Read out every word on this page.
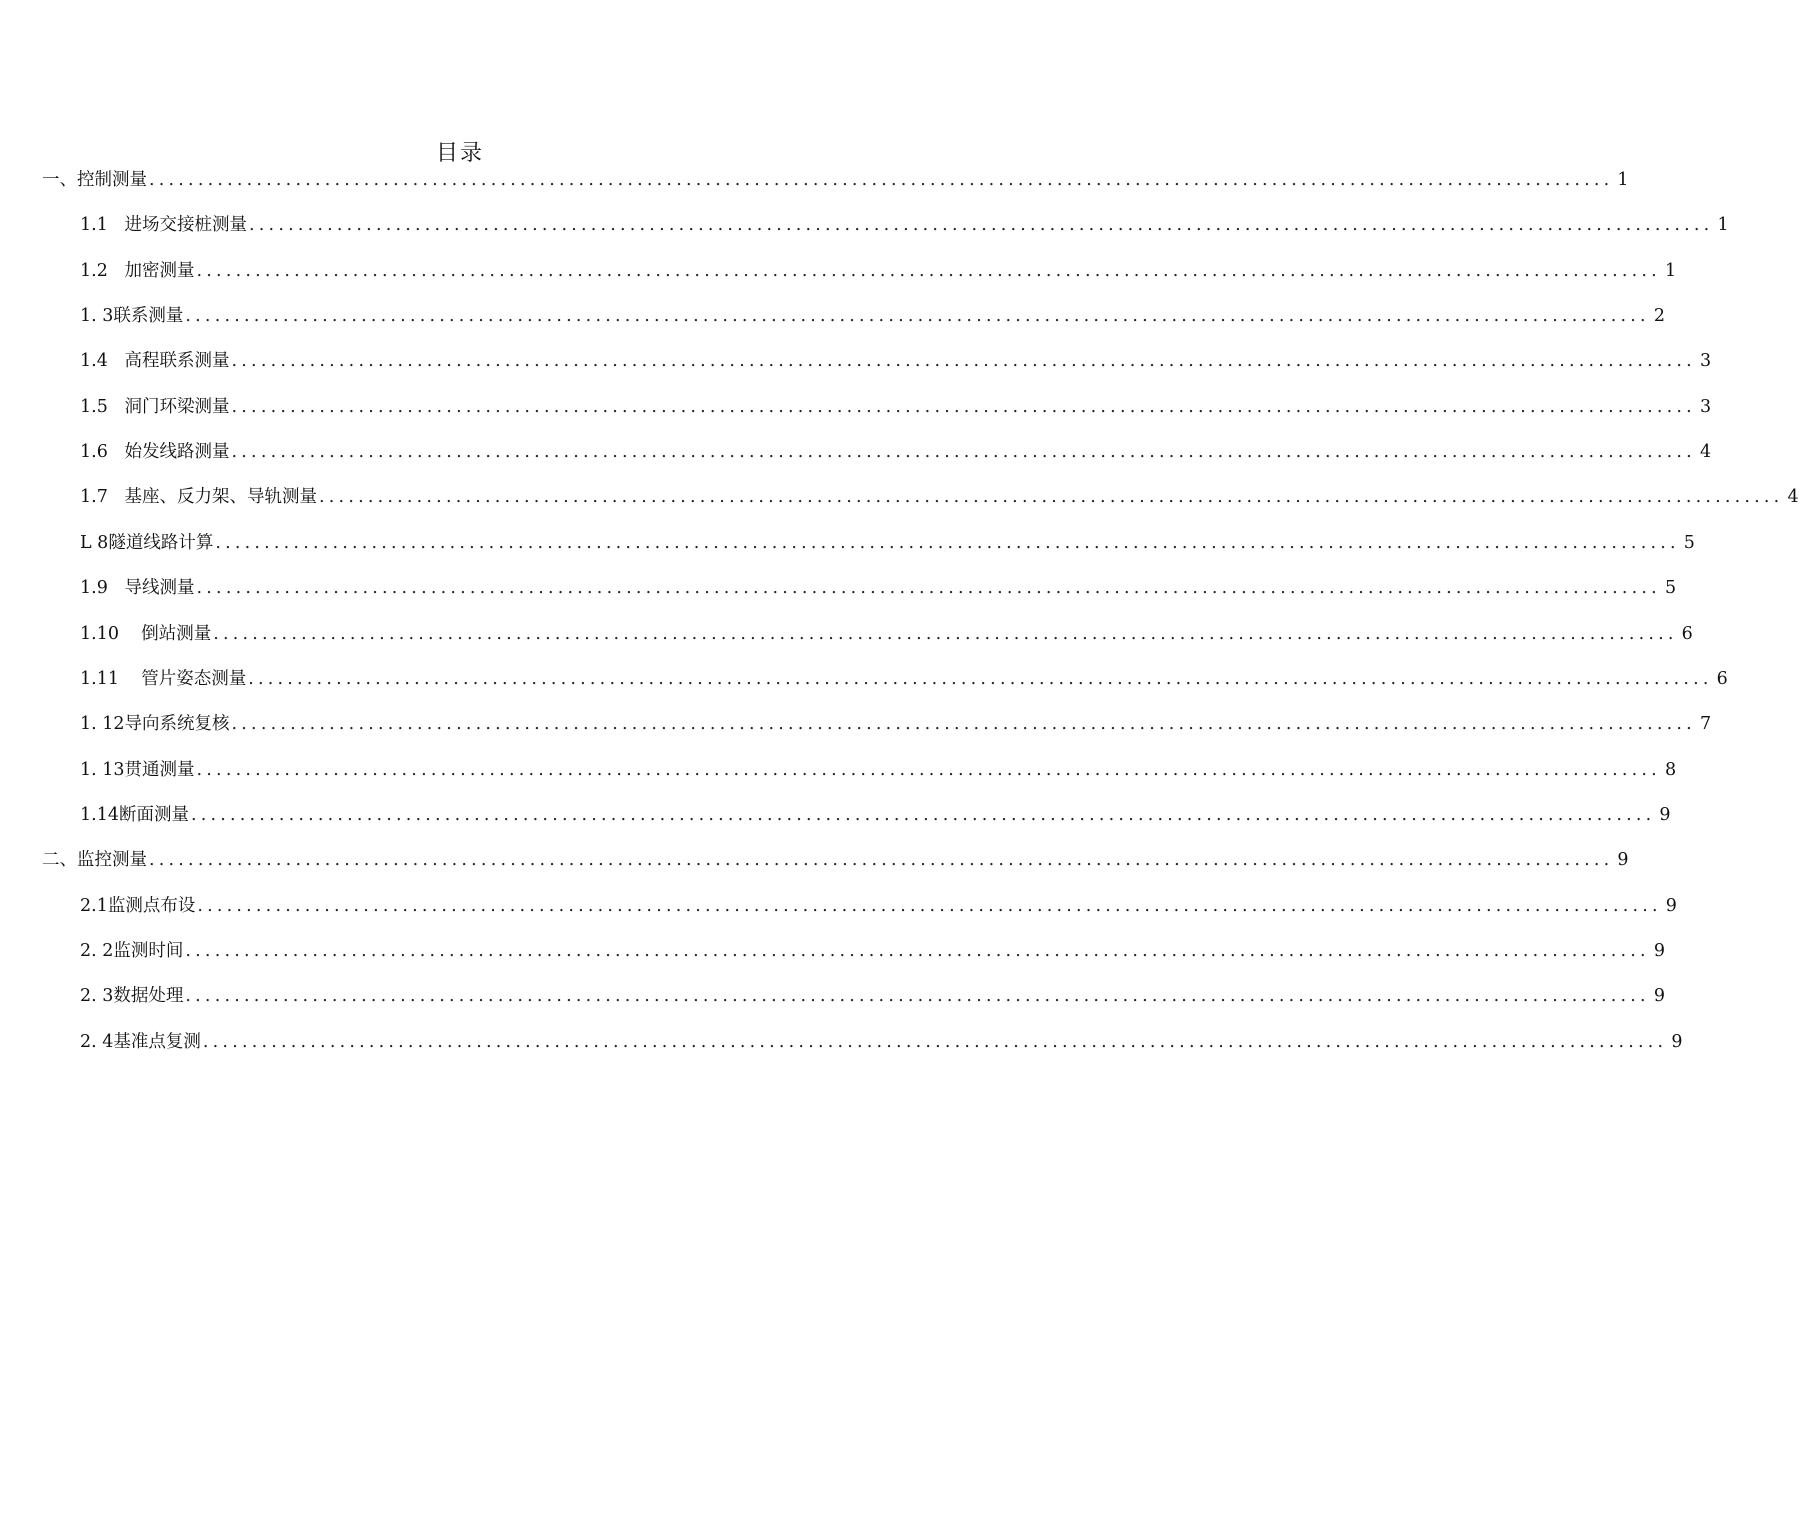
目录
一、控制测量 ...................................................................................................................................................... 1
1.1   进场交接桩测量 ...................................................................................................................................................... 1
1.2   加密测量 ...................................................................................................................................................... 1
1. 3联系测量 ...................................................................................................................................................... 2
1.4   高程联系测量 ...................................................................................................................................................... 3
1.5   洞门环梁测量 ...................................................................................................................................................... 3
1.6   始发线路测量 ...................................................................................................................................................... 4
1.7   基座、反力架、导轨测量 ...................................................................................................................................................... 4
L 8隧道线路计算 ...................................................................................................................................................... 5
1.9   导线测量 ...................................................................................................................................................... 5
1.10    倒站测量 ...................................................................................................................................................... 6
1.11    管片姿态测量 ...................................................................................................................................................... 6
1. 12导向系统复核 ...................................................................................................................................................... 7
1. 13贯通测量 ...................................................................................................................................................... 8
1.14断面测量 ...................................................................................................................................................... 9
二、监控测量 ...................................................................................................................................................... 9
2.1监测点布设 ...................................................................................................................................................... 9
2. 2监测时间 ...................................................................................................................................................... 9
2. 3数据处理 ...................................................................................................................................................... 9
2. 4基准点复测 ...................................................................................................................................................... 9
